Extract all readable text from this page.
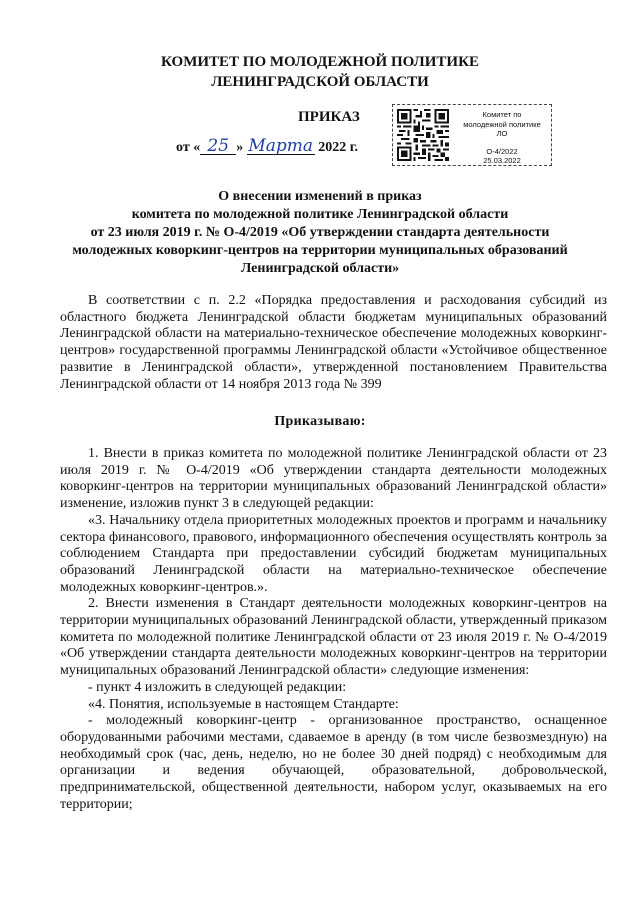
КОМИТЕТ ПО МОЛОДЕЖНОЙ ПОЛИТИКЕ
ЛЕНИНГРАДСКОЙ ОБЛАСТИ
ПРИКАЗ
от « 25 » Марта 2022 г.
Комитет по
молодежной политике
ЛО
О-4/2022
25.03.2022
О внесении изменений в приказ
комитета по молодежной политике Ленинградской области
от 23 июля 2019 г. № О-4/2019 «Об утверждении стандарта деятельности
молодежных коворкинг-центров на территории муниципальных образований
Ленинградской области»

В соответствии с п. 2.2 «Порядка предоставления и расходования субсидий из областного бюджета Ленинградской области бюджетам муниципальных образований Ленинградской области на материально-техническое обеспечение молодежных коворкинг-центров» государственной программы Ленинградской области «Устойчивое общественное развитие в Ленинградской области», утвержденной постановлением Правительства Ленинградской области от 14 ноября 2013 года № 399

Приказываю:

1. Внести в приказ комитета по молодежной политике Ленинградской области от 23 июля 2019 г. № О-4/2019 «Об утверждении стандарта деятельности молодежных коворкинг-центров на территории муниципальных образований Ленинградской области» изменение, изложив пункт 3 в следующей редакции:

«3. Начальнику отдела приоритетных молодежных проектов и программ и начальнику сектора финансового, правового, информационного обеспечения осуществлять контроль за соблюдением Стандарта при предоставлении субсидий бюджетам муниципальных образований Ленинградской области на материально-техническое обеспечение молодежных коворкинг-центров.».

2. Внести изменения в Стандарт деятельности молодежных коворкинг-центров на территории муниципальных образований Ленинградской области, утвержденный приказом комитета по молодежной политике Ленинградской области от 23 июля 2019 г. № О-4/2019 «Об утверждении стандарта деятельности молодежных коворкинг-центров на территории муниципальных образований Ленинградской области» следующие изменения:

- пункт 4 изложить в следующей редакции:

«4. Понятия, используемые в настоящем Стандарте:

- молодежный коворкинг-центр - организованное пространство, оснащенное оборудованными рабочими местами, сдаваемое в аренду (в том числе безвозмездную) на необходимый срок (час, день, неделю, но не более 30 дней подряд) с необходимым для организации и ведения обучающей, образовательной, добровольческой, предпринимательской, общественной деятельности, набором услуг, оказываемых на его территории;
